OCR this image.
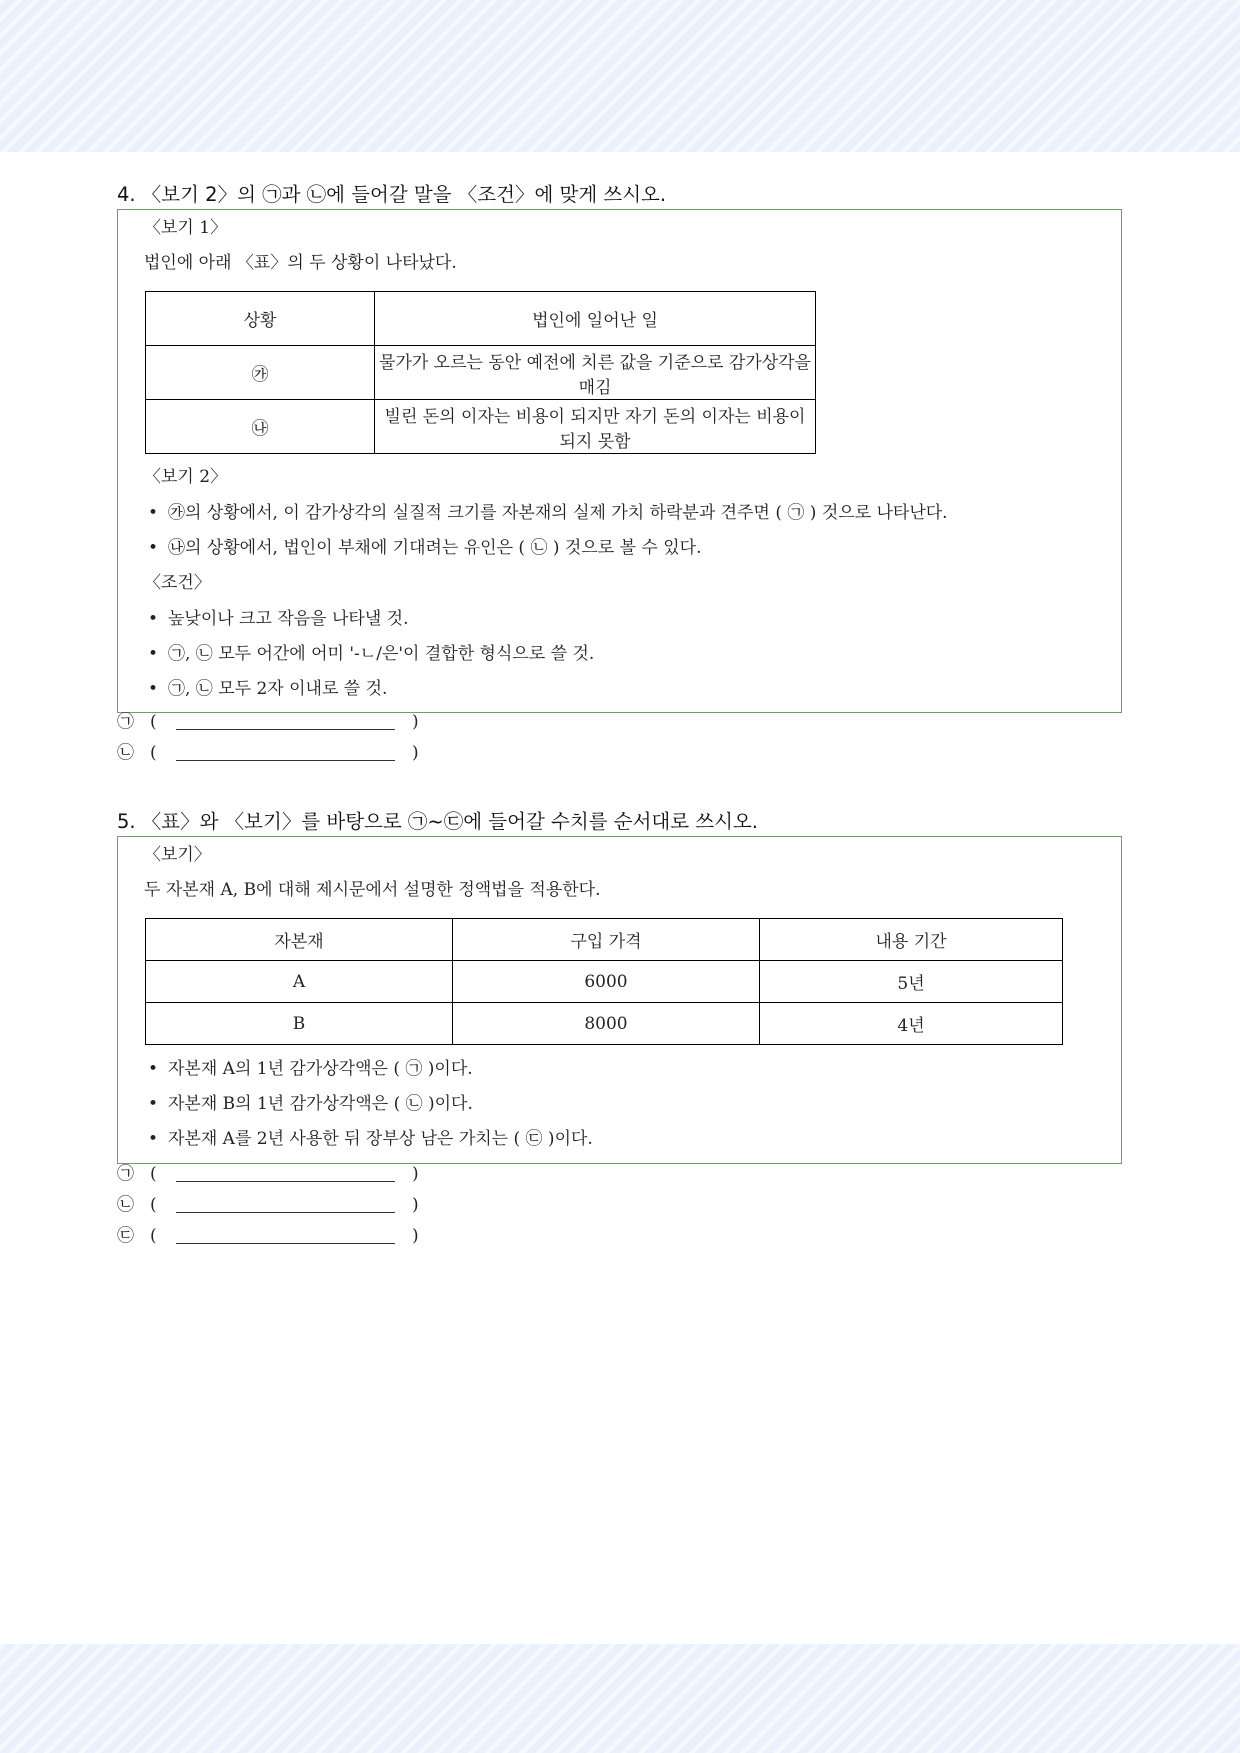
4. 〈보기 2〉의 ㉠과 ㉡에 들어갈 말을 〈조건〉에 맞게 쓰시오.
〈보기 1〉
법인에 아래 〈표〉의 두 상황이 나타났다.
상황	법인에 일어난 일
㉮	물가가 오르는 동안 예전에 치른 값을 기준으로 감가상각을 매김
㉯	빌린 돈의 이자는 비용이 되지만 자기 돈의 이자는 비용이 되지 못함
〈보기 2〉
• ㉮의 상황에서, 이 감가상각의 실질적 크기를 자본재의 실제 가치 하락분과 견주면 ( ㉠ ) 것으로 나타난다.
• ㉯의 상황에서, 법인이 부채에 기대려는 유인은 ( ㉡ ) 것으로 볼 수 있다.
〈조건〉
• 높낮이나 크고 작음을 나타낼 것.
• ㉠, ㉡ 모두 어간에 어미 '-ㄴ/은'이 결합한 형식으로 쓸 것.
• ㉠, ㉡ 모두 2자 이내로 쓸 것.
㉠ (	)
㉡ (	)
5. 〈표〉와 〈보기〉를 바탕으로 ㉠~㉢에 들어갈 수치를 순서대로 쓰시오.
〈보기〉
두 자본재 A, B에 대해 제시문에서 설명한 정액법을 적용한다.
자본재	구입 가격	내용 기간
A	6000	5년
B	8000	4년
• 자본재 A의 1년 감가상각액은 ( ㉠ )이다.
• 자본재 B의 1년 감가상각액은 ( ㉡ )이다.
• 자본재 A를 2년 사용한 뒤 장부상 남은 가치는 ( ㉢ )이다.
㉠ (	)
㉡ (	)
㉢ (	)
